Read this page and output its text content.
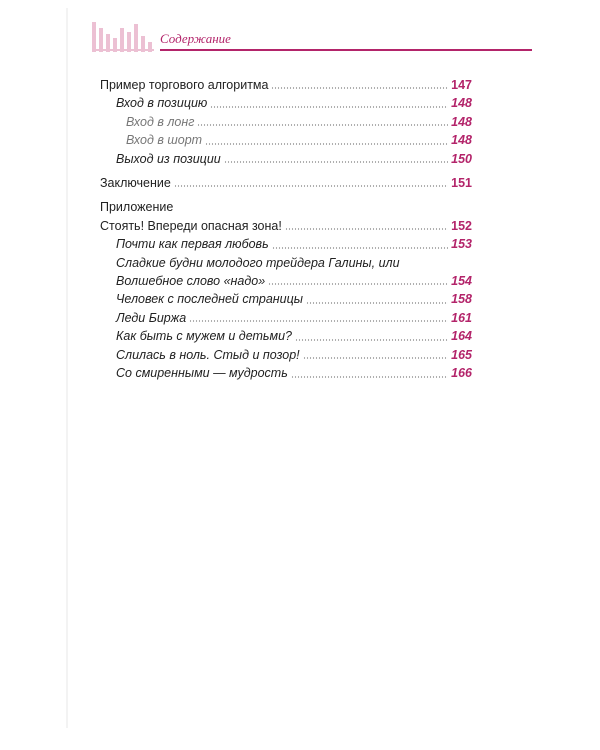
Содержание
Пример торгового алгоритма	147
Вход в позицию	148
Вход в лонг	148
Вход в шорт	148
Выход из позиции	150
Заключение	151
Приложение
Стоять! Впереди опасная зона!	152
Почти как первая любовь	153
Сладкие будни молодого трейдера Галины, или
Волшебное слово «надо»	154
Человек с последней страницы	158
Леди Биржа	161
Как быть с мужем и детьми?	164
Слилась в ноль. Стыд и позор!	165
Со смиренными — мудрость	166
